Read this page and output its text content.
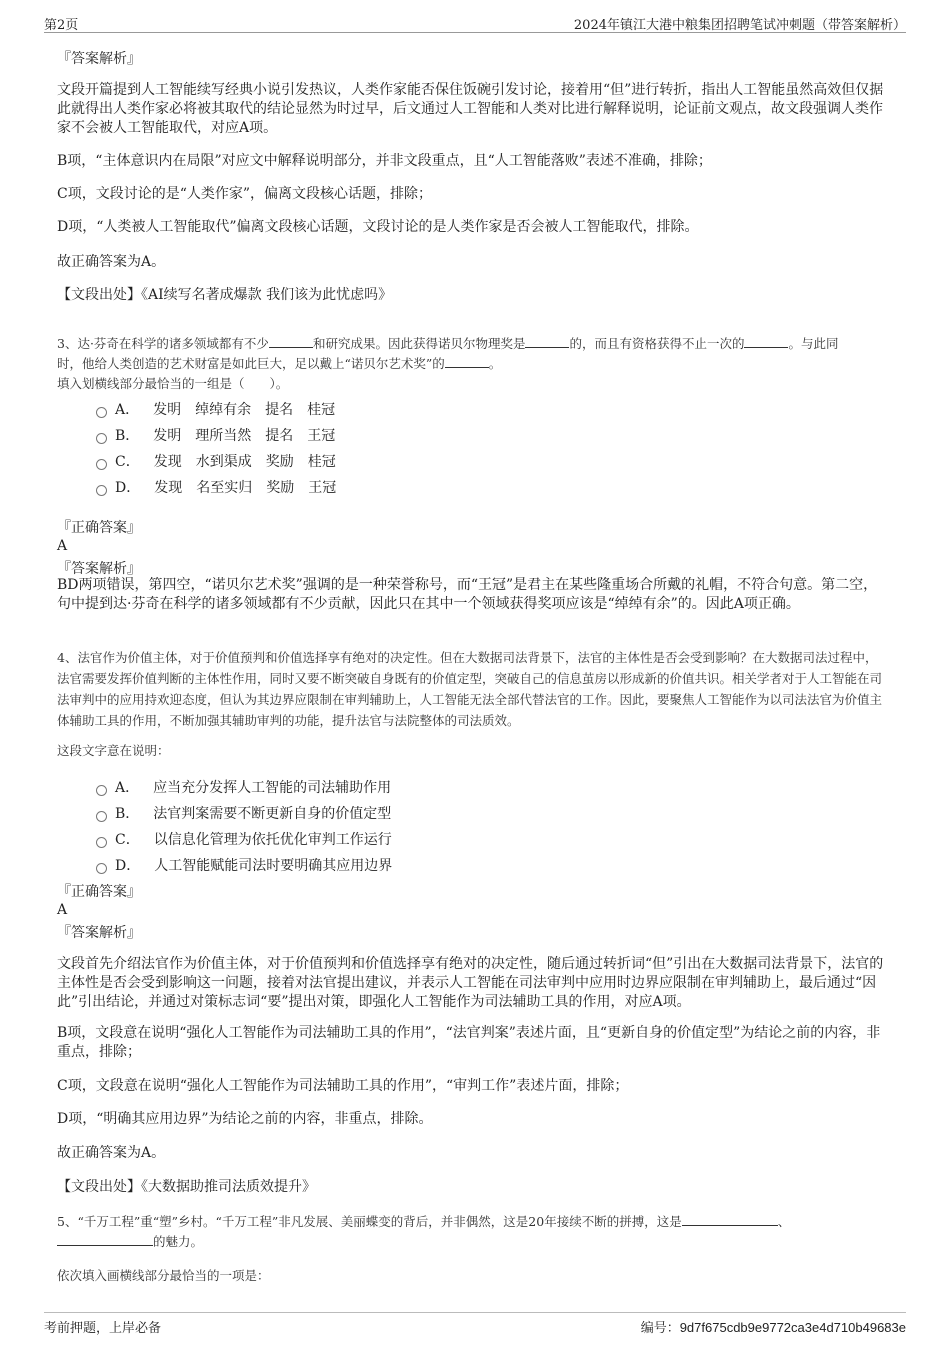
第2页	2024年镇江大港中粮集团招聘笔试冲刺题（带答案解析）
『答案解析』
文段开篇提到人工智能续写经典小说引发热议，人类作家能否保住饭碗引发讨论，接着用“但”进行转折，指出人工智能虽然高效但仅据此就得出人类作家必将被其取代的结论显然为时过早，后文通过人工智能和人类对比进行解释说明，论证前文观点，故文段强调人类作家不会被人工智能取代，对应A项。
B项，“主体意识内在局限”对应文中解释说明部分，并非文段重点，且“人工智能落败”表述不准确，排除；
C项，文段讨论的是“人类作家”，偏离文段核心话题，排除；
D项，“人类被人工智能取代”偏离文段核心话题，文段讨论的是人类作家是否会被人工智能取代，排除。
故正确答案为A。
【文段出处】《AI续写名著成爆款 我们该为此忧虑吗》
3、达·芬奇在科学的诸多领域都有不少	和研究成果。因此获得诺贝尔物理奖是	的，而且有资格获得不止一次的	。与此同
时，他给人类创造的艺术财富是如此巨大，足以戴上“诺贝尔艺术奖”的	。
填入划横线部分最恰当的一组是（　　）。
A． 发明 绰绰有余 提名 桂冠
B． 发明 理所当然 提名 王冠
C． 发现 水到渠成 奖励 桂冠
D． 发现 名至实归 奖励 王冠
『正确答案』
A
『答案解析』
BD两项错误，第四空，“诺贝尔艺术奖”强调的是一种荣誉称号，而“王冠”是君主在某些隆重场合所戴的礼帽，不符合句意。第二空，句中提到达·芬奇在科学的诸多领域都有不少贡献，因此只在其中一个领域获得奖项应该是“绰绰有余”的。因此A项正确。
4、法官作为价值主体，对于价值预判和价值选择享有绝对的决定性。但在大数据司法背景下，法官的主体性是否会受到影响？在大数据司法过程中，法官需要发挥价值判断的主体性作用，同时又要不断突破自身既有的价值定型，突破自己的信息茧房以形成新的价值共识。相关学者对于人工智能在司法审判中的应用持欢迎态度，但认为其边界应限制在审判辅助上，人工智能无法全部代替法官的工作。因此，要聚焦人工智能作为以司法法官为价值主体辅助工具的作用，不断加强其辅助审判的功能，提升法官与法院整体的司法质效。
这段文字意在说明：
A． 应当充分发挥人工智能的司法辅助作用
B． 法官判案需要不断更新自身的价值定型
C． 以信息化管理为依托优化审判工作运行
D． 人工智能赋能司法时要明确其应用边界
『正确答案』
A
『答案解析』
文段首先介绍法官作为价值主体，对于价值预判和价值选择享有绝对的决定性，随后通过转折词“但”引出在大数据司法背景下，法官的主体性是否会受到影响这一问题，接着对法官提出建议，并表示人工智能在司法审判中应用时边界应限制在审判辅助上，最后通过“因此”引出结论，并通过对策标志词“要”提出对策，即强化人工智能作为司法辅助工具的作用，对应A项。
B项，文段意在说明“强化人工智能作为司法辅助工具的作用”，“法官判案”表述片面，且“更新自身的价值定型”为结论之前的内容，非重点，排除；
C项，文段意在说明“强化人工智能作为司法辅助工具的作用”，“审判工作”表述片面，排除；
D项，“明确其应用边界”为结论之前的内容，非重点，排除。
故正确答案为A。
【文段出处】《大数据助推司法质效提升》
5、“千万工程”重“塑”乡村。“千万工程”非凡发展、美丽蝶变的背后，并非偶然，这是20年接续不断的拼搏，这是	、
的魅力。
依次填入画横线部分最恰当的一项是：
考前押题，上岸必备	编号：9d7f675cdb9e9772ca3e4d710b49683e
